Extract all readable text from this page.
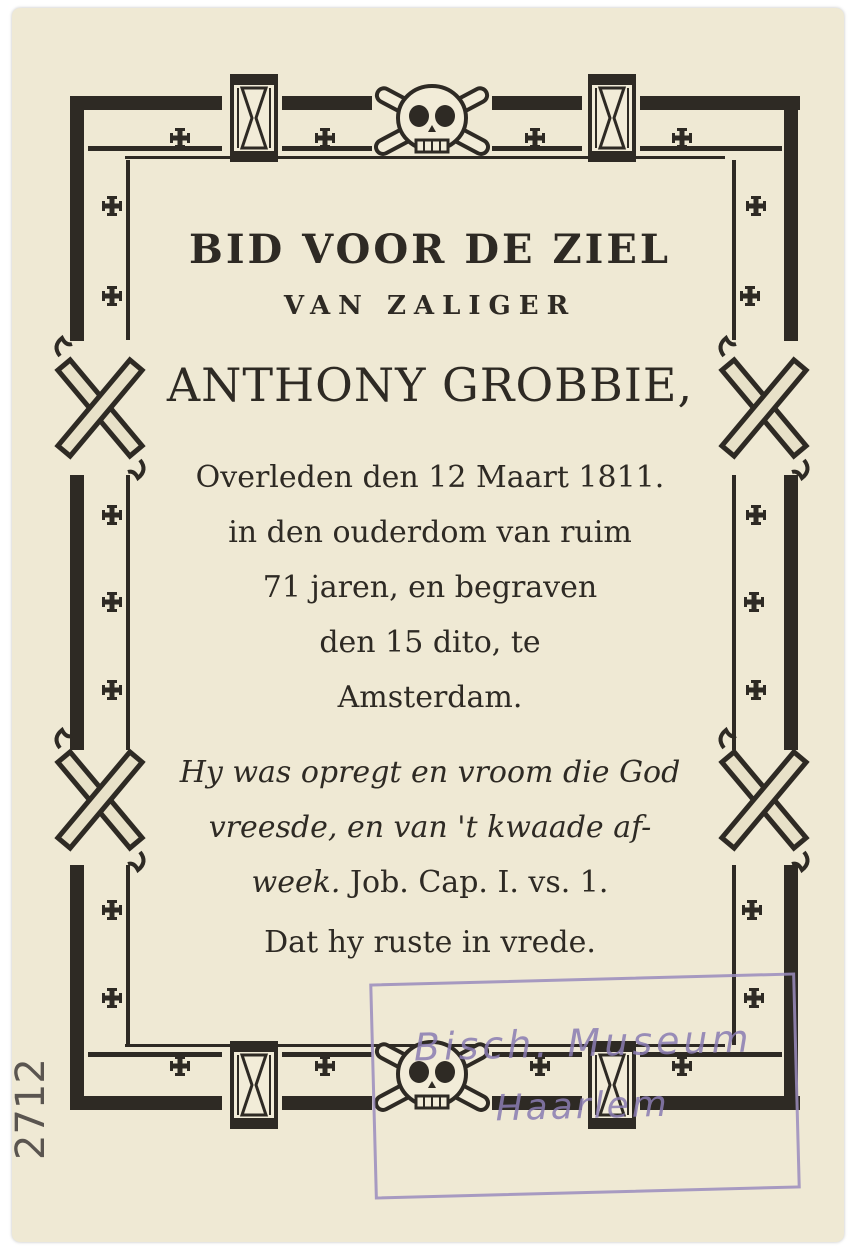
BID VOOR DE ZIEL
VAN ZALIGER
ANTHONY GROBBIE,
Overleden den 12 Maart 1811.
in den ouderdom van ruim
71 jaren, en begraven
den 15 dito, te
Amsterdam.
Hy was opregt en vroom die God
vreesde, en van 't kwaade af-
week. Job. Cap. I. vs. 1.
Dat hy ruste in vrede.
Bisch. Museum
Haarlem
2712
